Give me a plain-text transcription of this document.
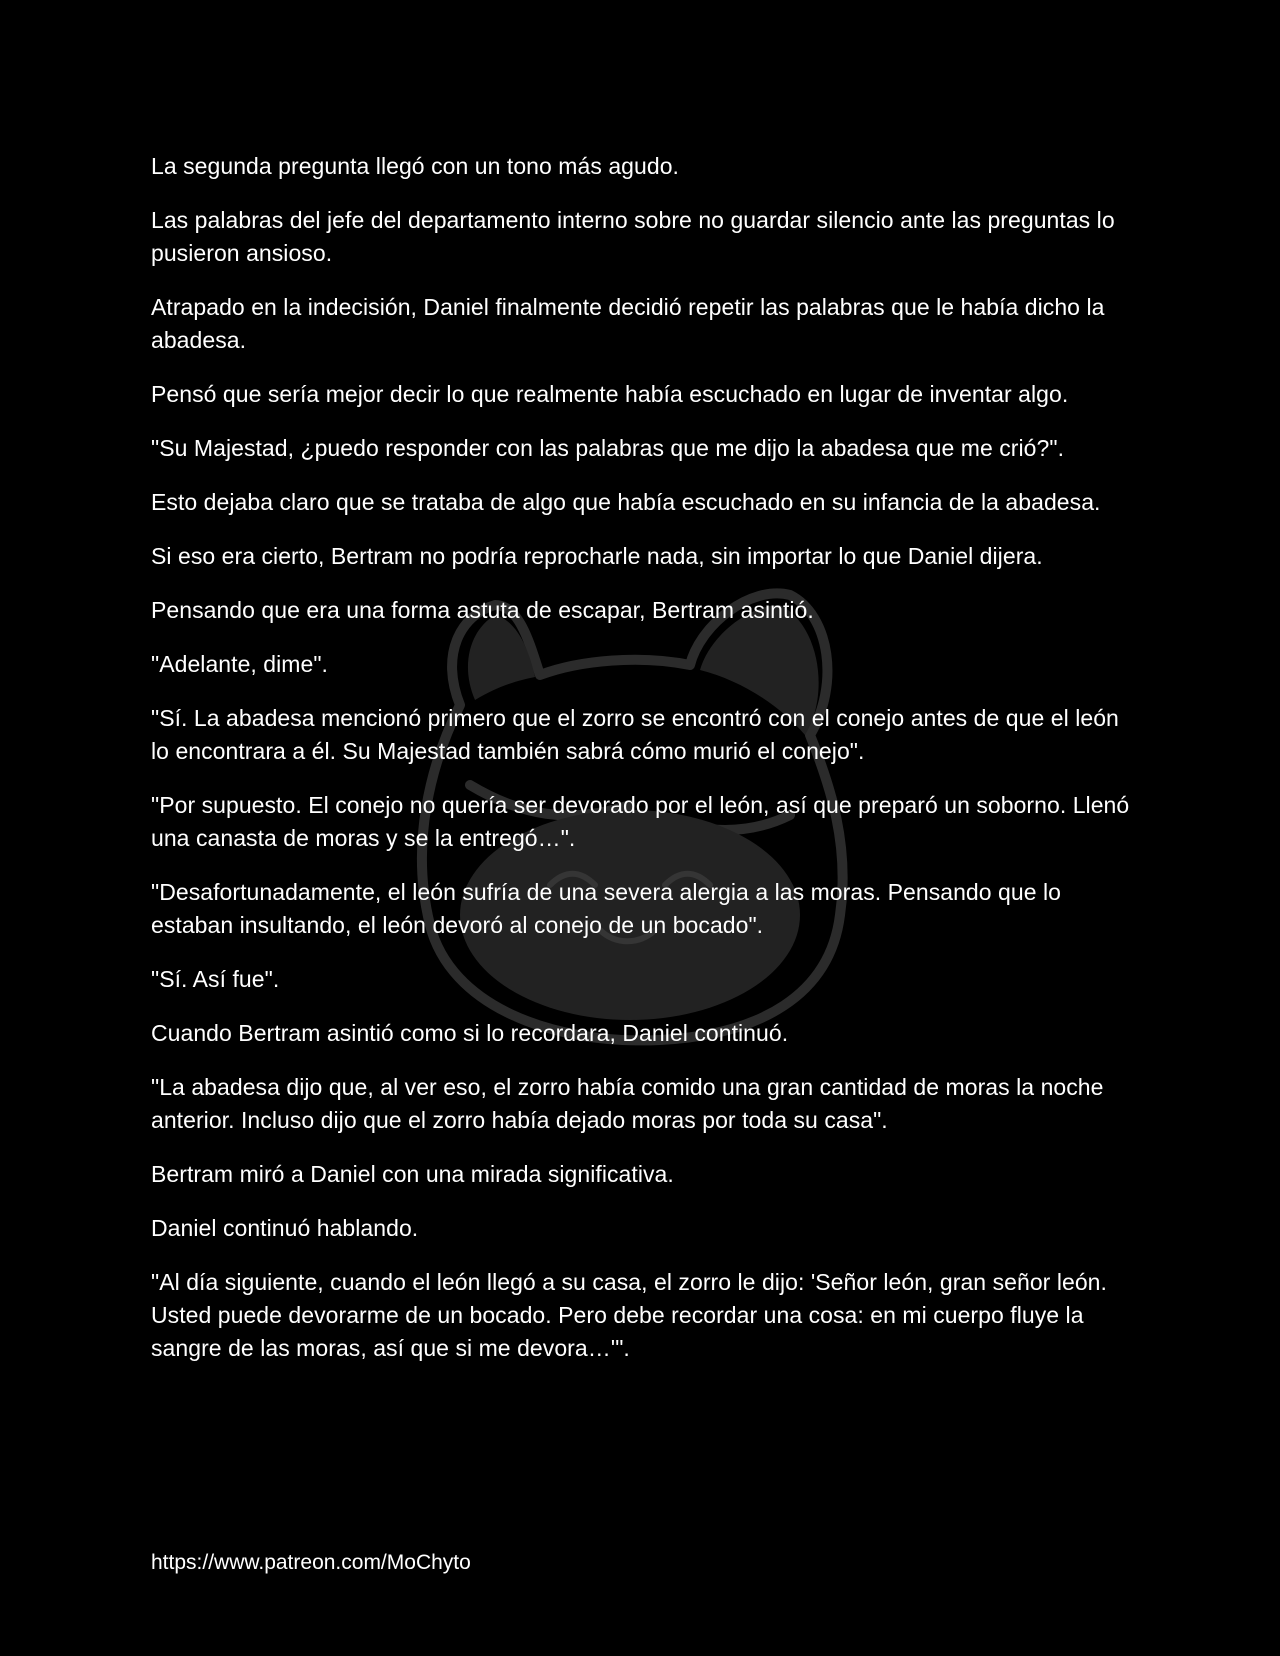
La segunda pregunta llegó con un tono más agudo.

Las palabras del jefe del departamento interno sobre no guardar silencio ante las preguntas lo pusieron ansioso.

Atrapado en la indecisión, Daniel finalmente decidió repetir las palabras que le había dicho la abadesa.

Pensó que sería mejor decir lo que realmente había escuchado en lugar de inventar algo.

"Su Majestad, ¿puedo responder con las palabras que me dijo la abadesa que me crió?".

Esto dejaba claro que se trataba de algo que había escuchado en su infancia de la abadesa.

Si eso era cierto, Bertram no podría reprocharle nada, sin importar lo que Daniel dijera.

Pensando que era una forma astuta de escapar, Bertram asintió.

"Adelante, dime".

"Sí. La abadesa mencionó primero que el zorro se encontró con el conejo antes de que el león lo encontrara a él. Su Majestad también sabrá cómo murió el conejo".

"Por supuesto. El conejo no quería ser devorado por el león, así que preparó un soborno. Llenó una canasta de moras y se la entregó…".

"Desafortunadamente, el león sufría de una severa alergia a las moras. Pensando que lo estaban insultando, el león devoró al conejo de un bocado".

"Sí. Así fue".

Cuando Bertram asintió como si lo recordara, Daniel continuó.

"La abadesa dijo que, al ver eso, el zorro había comido una gran cantidad de moras la noche anterior. Incluso dijo que el zorro había dejado moras por toda su casa".

Bertram miró a Daniel con una mirada significativa.

Daniel continuó hablando.

"Al día siguiente, cuando el león llegó a su casa, el zorro le dijo: 'Señor león, gran señor león. Usted puede devorarme de un bocado. Pero debe recordar una cosa: en mi cuerpo fluye la sangre de las moras, así que si me devora…'".

https://www.patreon.com/MoChyto
